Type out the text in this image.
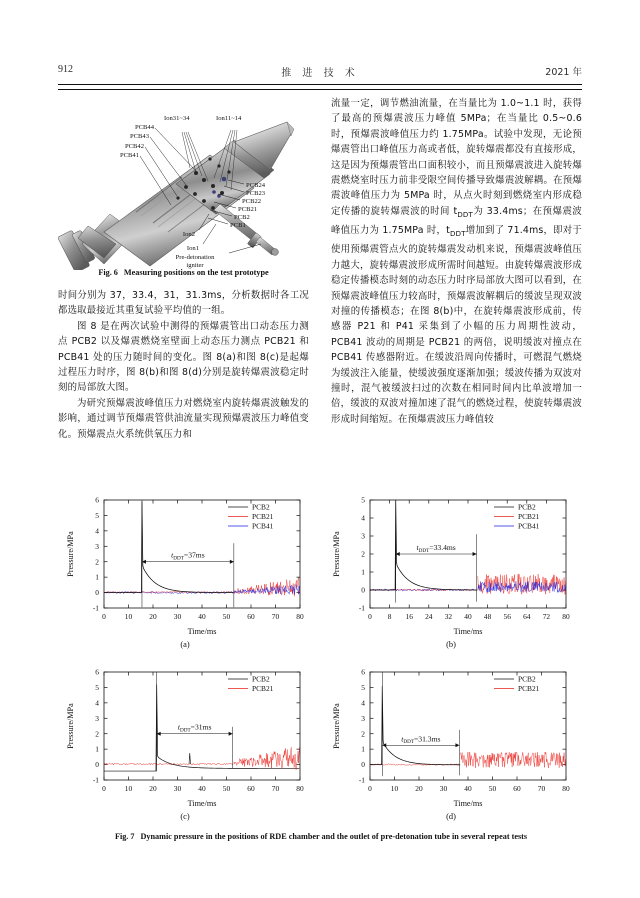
912	推 进 技 术	2021 年
PCB44
PCB43
PCB42
PCB41
Ion31~34	Ion11~14
PCB24
PCB23
PCB22
PCB21
PCB2
PCB1
Ion2
Ion1
Pre-detonation
igniter
Fig. 6 Measuring positions on the test prototype

时间分别为 37，33.4，31，31.3ms，分析数据时各工况都选取最接近其重复试验平均值的一组。

图 8 是在两次试验中测得的预爆震管出口动态压力测点 PCB2 以及爆震燃烧室壁面上动态压力测点 PCB21 和 PCB41 处的压力随时间的变化。图 8(a)和图 8(c)是起爆过程压力时序，图 8(b)和图 8(d)分别是旋转爆震波稳定时刻的局部放大图。

为研究预爆震波峰值压力对燃烧室内旋转爆震波触发的影响，通过调节预爆震管供油流量实现预爆震波压力峰值变化。预爆震点火系统供氧压力和

流量一定，调节燃油流量，在当量比为 1.0~1.1 时，获得了最高的预爆震波压力峰值 5MPa；在当量比 0.5~0.6 时，预爆震波峰值压力约 1.75MPa。试验中发现，无论预爆震管出口峰值压力高或者低，旋转爆震都没有直接形成，这是因为预爆震管出口面积较小，而且预爆震波进入旋转爆震燃烧室时压力前非受限空间传播导致爆震波解耦。在预爆震波峰值压力为 5MPa 时，从点火时刻到燃烧室内形成稳定传播的旋转爆震波的时间 $t_{DDT}$为 33.4ms；在预爆震波峰值压力为 1.75MPa 时，$t_{DDT}$增加到了 71.4ms，即对于使用预爆震管点火的旋转爆震发动机来说，预爆震波峰值压力越大，旋转爆震波形成所需时间越短。由旋转爆震波形成稳定传播模态时刻的动态压力时序局部放大图可以看到，在预爆震波峰值压力较高时，预爆震波解耦后的缓波呈现双波对撞的传播模态；在图 8(b)中，在旋转爆震波形成前，传感器 P21 和 P41 采集到了小幅的压力周期性波动，PCB41 波动的周期是 PCB21 的两倍，说明缓波对撞点在 PCB41 传感器附近。在缓波沿周向传播时，可燃混气燃烧为缓波注入能量，使缓波强度逐渐加强；缓波传播为双波对撞时，混气被缓波扫过的次数在相同时间内比单波增加一倍，缓波的双波对撞加速了混气的燃烧过程，使旋转爆震波形成时间缩短。在预爆震波压力峰值较

0	10 20 30 40 50 60 70 80
-1
0
1
2
3
4
5
6
Time/ms
Pressure/MPa	$t_{DDT}=37ms$
PCB2
PCB21
PCB41
(a)
0 8 16 24 32 40 48 56 64 72 80
-1
0
1
2
3
4
5
Time/ms
Pressure/MPa	$t_{DDT}=33.4ms$
PCB2
PCB21
PCB41
(b)
0	10 20 30 40 50 60 70 80
-1
0
1
2
3
4
5
6
Time/ms
Pressure/MPa	$t_{DDT}=31ms$
PCB2
PCB21
(c)
0	10 20 30 40 50 60 70 80
-1
0
1
2
3
4
5
6
Time/ms
Pressure/MPa	$t_{DDT}=31.3ms$
PCB2
PCB21
(d)
Fig. 7 Dynamic pressure in the positions of RDE chamber and the outlet of pre-detonation tube in several repeat tests
